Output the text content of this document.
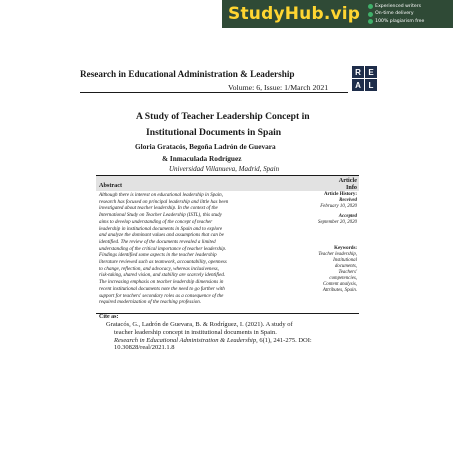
StudyHub.vip	Experienced writers
On-time delivery
100% plagiarism free
Research in Educational Administration & Leadership	R E
A L
Volume: 6, Issue: 1/March 2021
A Study of Teacher Leadership Concept in
Institutional Documents in Spain
Gloria Gratacós, Begoña Ladrón de Guevara
& Inmaculada Rodríguez
Universidad Villanueva, Madrid, Spain
Abstract
Article
Info
Although there is interest on educational leadership in Spain,
research has focused on principal leadership and little has been
investigated about teacher leadership. In the context of the
International Study on Teacher Leadership (ISTL), this study
aims to develop understanding of the concept of teacher
leadership in institutional documents in Spain and to explore
and analyze the dominant values and assumptions that can be
identified. The review of the documents revealed a limited
understanding of the critical importance of teacher leadership.
Findings identified some aspects in the teacher leadership
literature reviewed such as teamwork, accountability, openness
to change, reflection, and advocacy, whereas inclusiveness,
risk-taking, shared vision, and stability are scarcely identified.
The increasing emphasis on teacher leadership dimensions in
recent institutional documents note the need to go further with
support for teachers' secondary roles as a consequence of the
required modernization of the teaching profession.
Article History:
Received
February 10, 2020
Accepted
September 20, 2020
Keywords:
Teacher leadership,
Institutional
documents,
Teachers'
competencies,
Content analysis,
Attributes, Spain.
Cite as:
Gratacós, G., Ladrón de Guevara, B. & Rodríguez, I. (2021). A study of
teacher leadership concept in institutional documents in Spain.
Research in Educational Administration & Leadership, 6(1), 241-275. DOI:
10.30828/real/2021.1.8
